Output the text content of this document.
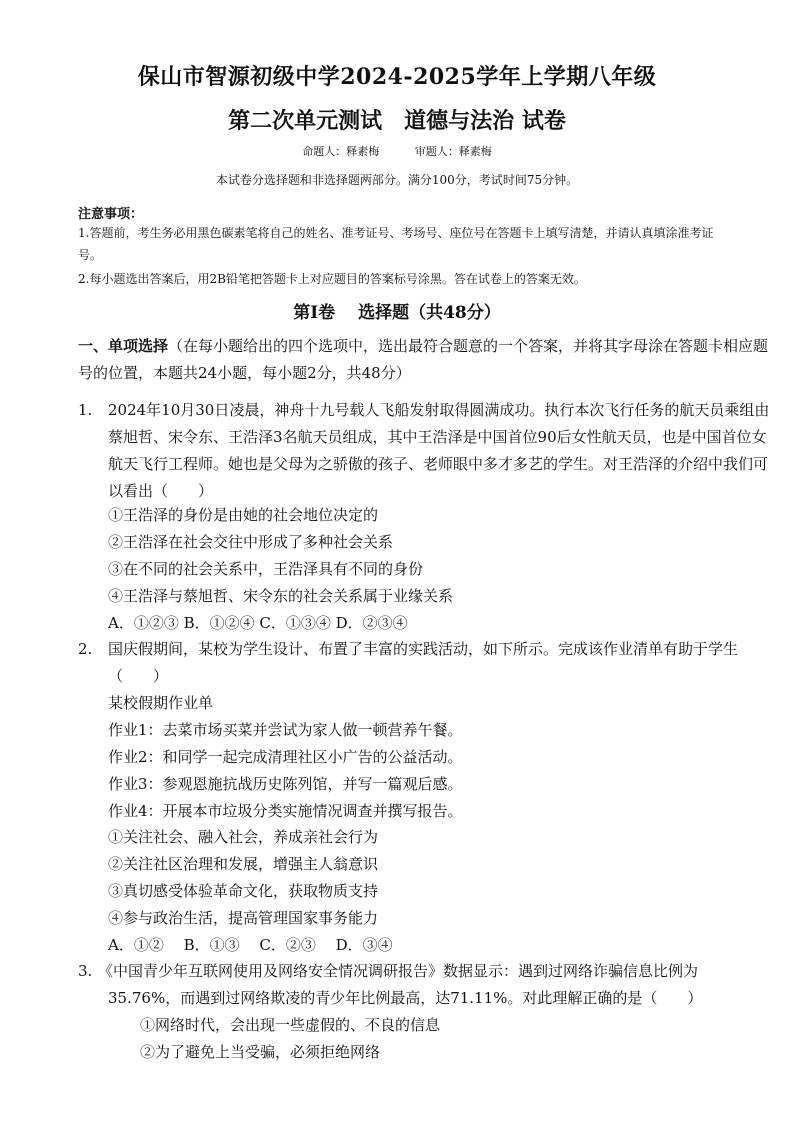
保山市智源初级中学2024-2025学年上学期八年级
第二次单元测试　道德与法治 试卷
命题人：释素梅	审题人：释素梅
本试卷分选择题和非选择题两部分。满分100分，考试时间75分钟。
注意事项：
1.答题前，考生务必用黑色碳素笔将自己的姓名、准考证号、考场号、座位号在答题卡上填写清楚，并请认真填涂准考证号。
2.每小题选出答案后，用2B铅笔把答题卡上对应题目的答案标号涂黑。答在试卷上的答案无效。
第Ⅰ卷　 选择题（共48分）
一、单项选择（在每小题给出的四个选项中，选出最符合题意的一个答案，并将其字母涂在答题卡相应题号的位置，本题共24小题，每小题2分，共48分）
1. 2024年10月30日凌晨，神舟十九号载人飞船发射取得圆满成功。执行本次飞行任务的航天员乘组由蔡旭哲、宋令东、王浩泽3名航天员组成，其中王浩泽是中国首位90后女性航天员，也是中国首位女航天飞行工程师。她也是父母为之骄傲的孩子、老师眼中多才多艺的学生。对王浩泽的介绍中我们可以看出（　　）
①王浩泽的身份是由她的社会地位决定的
②王浩泽在社会交往中形成了多种社会关系
③在不同的社会关系中，王浩泽具有不同的身份
④王浩泽与蔡旭哲、宋令东的社会关系属于业缘关系
A．①②③ B．①②④ C．①③④ D．②③④
2. 国庆假期间，某校为学生设计、布置了丰富的实践活动，如下所示。完成该作业清单有助于学生（　　）
某校假期作业单
作业1：去菜市场买菜并尝试为家人做一顿营养午餐。
作业2：和同学一起完成清理社区小广告的公益活动。
作业3：参观恩施抗战历史陈列馆，并写一篇观后感。
作业4：开展本市垃圾分类实施情况调查并撰写报告。
①关注社会、融入社会，养成亲社会行为
②关注社区治理和发展，增强主人翁意识
③真切感受体验革命文化，获取物质支持
④参与政治生活，提高管理国家事务能力
A．①②　 B．①③　 C．②③　 D．③④
3. 《中国青少年互联网使用及网络安全情况调研报告》数据显示：遇到过网络诈骗信息比例为
35.76%，而遇到过网络欺凌的青少年比例最高，达71.11%。对此理解正确的是（　　）
①网络时代，会出现一些虚假的、不良的信息
②为了避免上当受骗，必须拒绝网络
